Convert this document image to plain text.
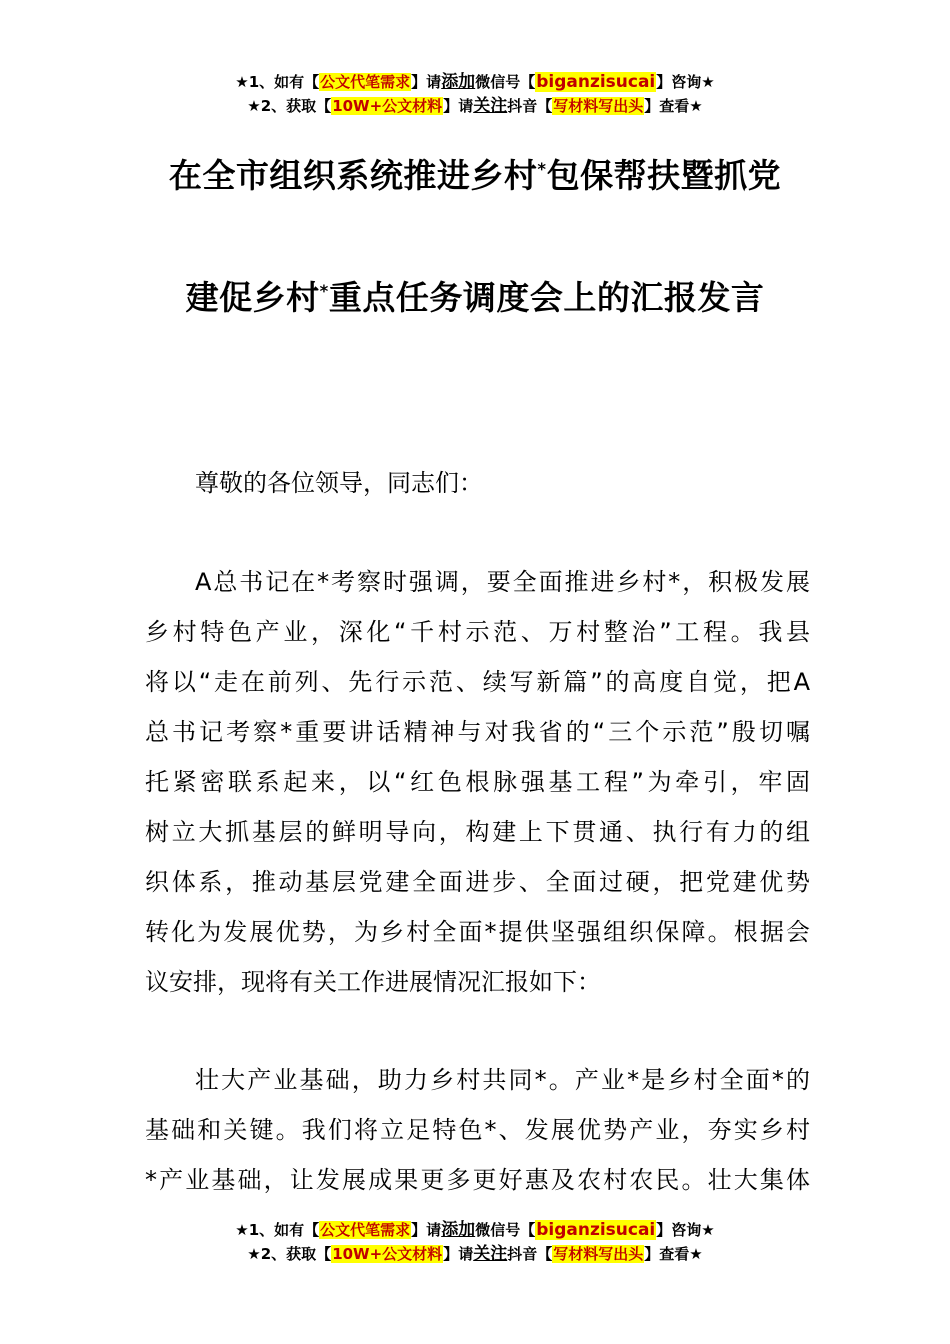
★1、如有【公文代笔需求】请添加微信号【biganzisucai】咨询★
★2、获取【10W+公文材料】请关注抖音【写材料写出头】查看★
在全市组织系统推进乡村*包保帮扶暨抓党
建促乡村*重点任务调度会上的汇报发言
尊敬的各位领导，同志们：
A总书记在*考察时强调，要全面推进乡村*，积极发展
乡村特色产业，深化“千村示范、万村整治”工程。我县
将以“走在前列、先行示范、续写新篇”的高度自觉，把A
总书记考察*重要讲话精神与对我省的“三个示范”殷切嘱
托紧密联系起来，以“红色根脉强基工程”为牵引，牢固
树立大抓基层的鲜明导向，构建上下贯通、执行有力的组
织体系，推动基层党建全面进步、全面过硬，把党建优势
转化为发展优势，为乡村全面*提供坚强组织保障。根据会
议安排，现将有关工作进展情况汇报如下：
壮大产业基础，助力乡村共同*。产业*是乡村全面*的
基础和关键。我们将立足特色*、发展优势产业，夯实乡村
*产业基础，让发展成果更多更好惠及农村农民。壮大集体
★1、如有【公文代笔需求】请添加微信号【biganzisucai】咨询★
★2、获取【10W+公文材料】请关注抖音【写材料写出头】查看★
